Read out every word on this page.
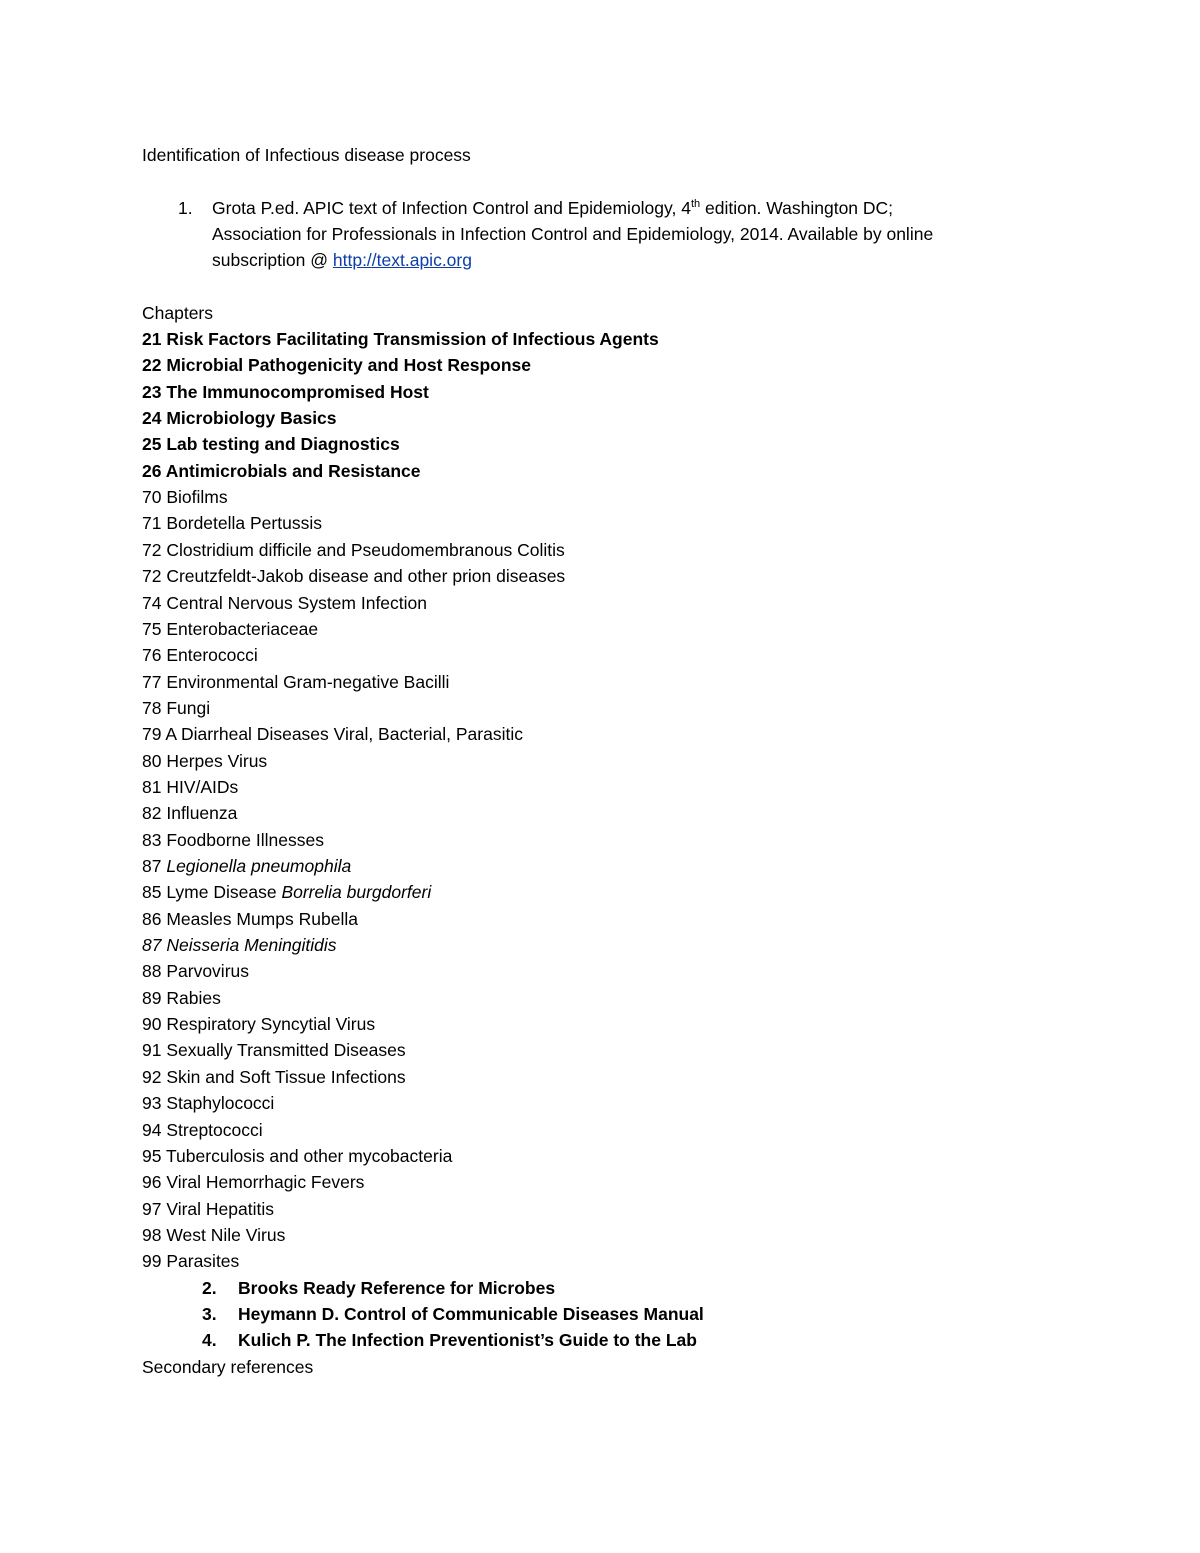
Identification of Infectious disease process
1. Grota P.ed. APIC text of Infection Control and Epidemiology, 4th edition. Washington DC;
Association for Professionals in Infection Control and Epidemiology, 2014. Available by online
subscription @ http://text.apic.org
Chapters
21 Risk Factors Facilitating Transmission of Infectious Agents
22 Microbial Pathogenicity and Host Response
23 The Immunocompromised Host
24 Microbiology Basics
25 Lab testing and Diagnostics
26 Antimicrobials and Resistance
70 Biofilms
71 Bordetella Pertussis
72 Clostridium difficile and Pseudomembranous Colitis
72 Creutzfeldt-Jakob disease and other prion diseases
74 Central Nervous System Infection
75 Enterobacteriaceae
76 Enterococci
77 Environmental Gram-negative Bacilli
78 Fungi
79 A Diarrheal Diseases Viral, Bacterial, Parasitic
80 Herpes Virus
81 HIV/AIDs
82 Influenza
83 Foodborne Illnesses
87 Legionella pneumophila
85 Lyme Disease Borrelia burgdorferi
86 Measles Mumps Rubella
87 Neisseria Meningitidis
88 Parvovirus
89 Rabies
90 Respiratory Syncytial Virus
91 Sexually Transmitted Diseases
92 Skin and Soft Tissue Infections
93 Staphylococci
94 Streptococci
95 Tuberculosis and other mycobacteria
96 Viral Hemorrhagic Fevers
97 Viral Hepatitis
98 West Nile Virus
99 Parasites
2. Brooks Ready Reference for Microbes
3. Heymann D. Control of Communicable Diseases Manual
4. Kulich P. The Infection Preventionist’s Guide to the Lab
Secondary references
